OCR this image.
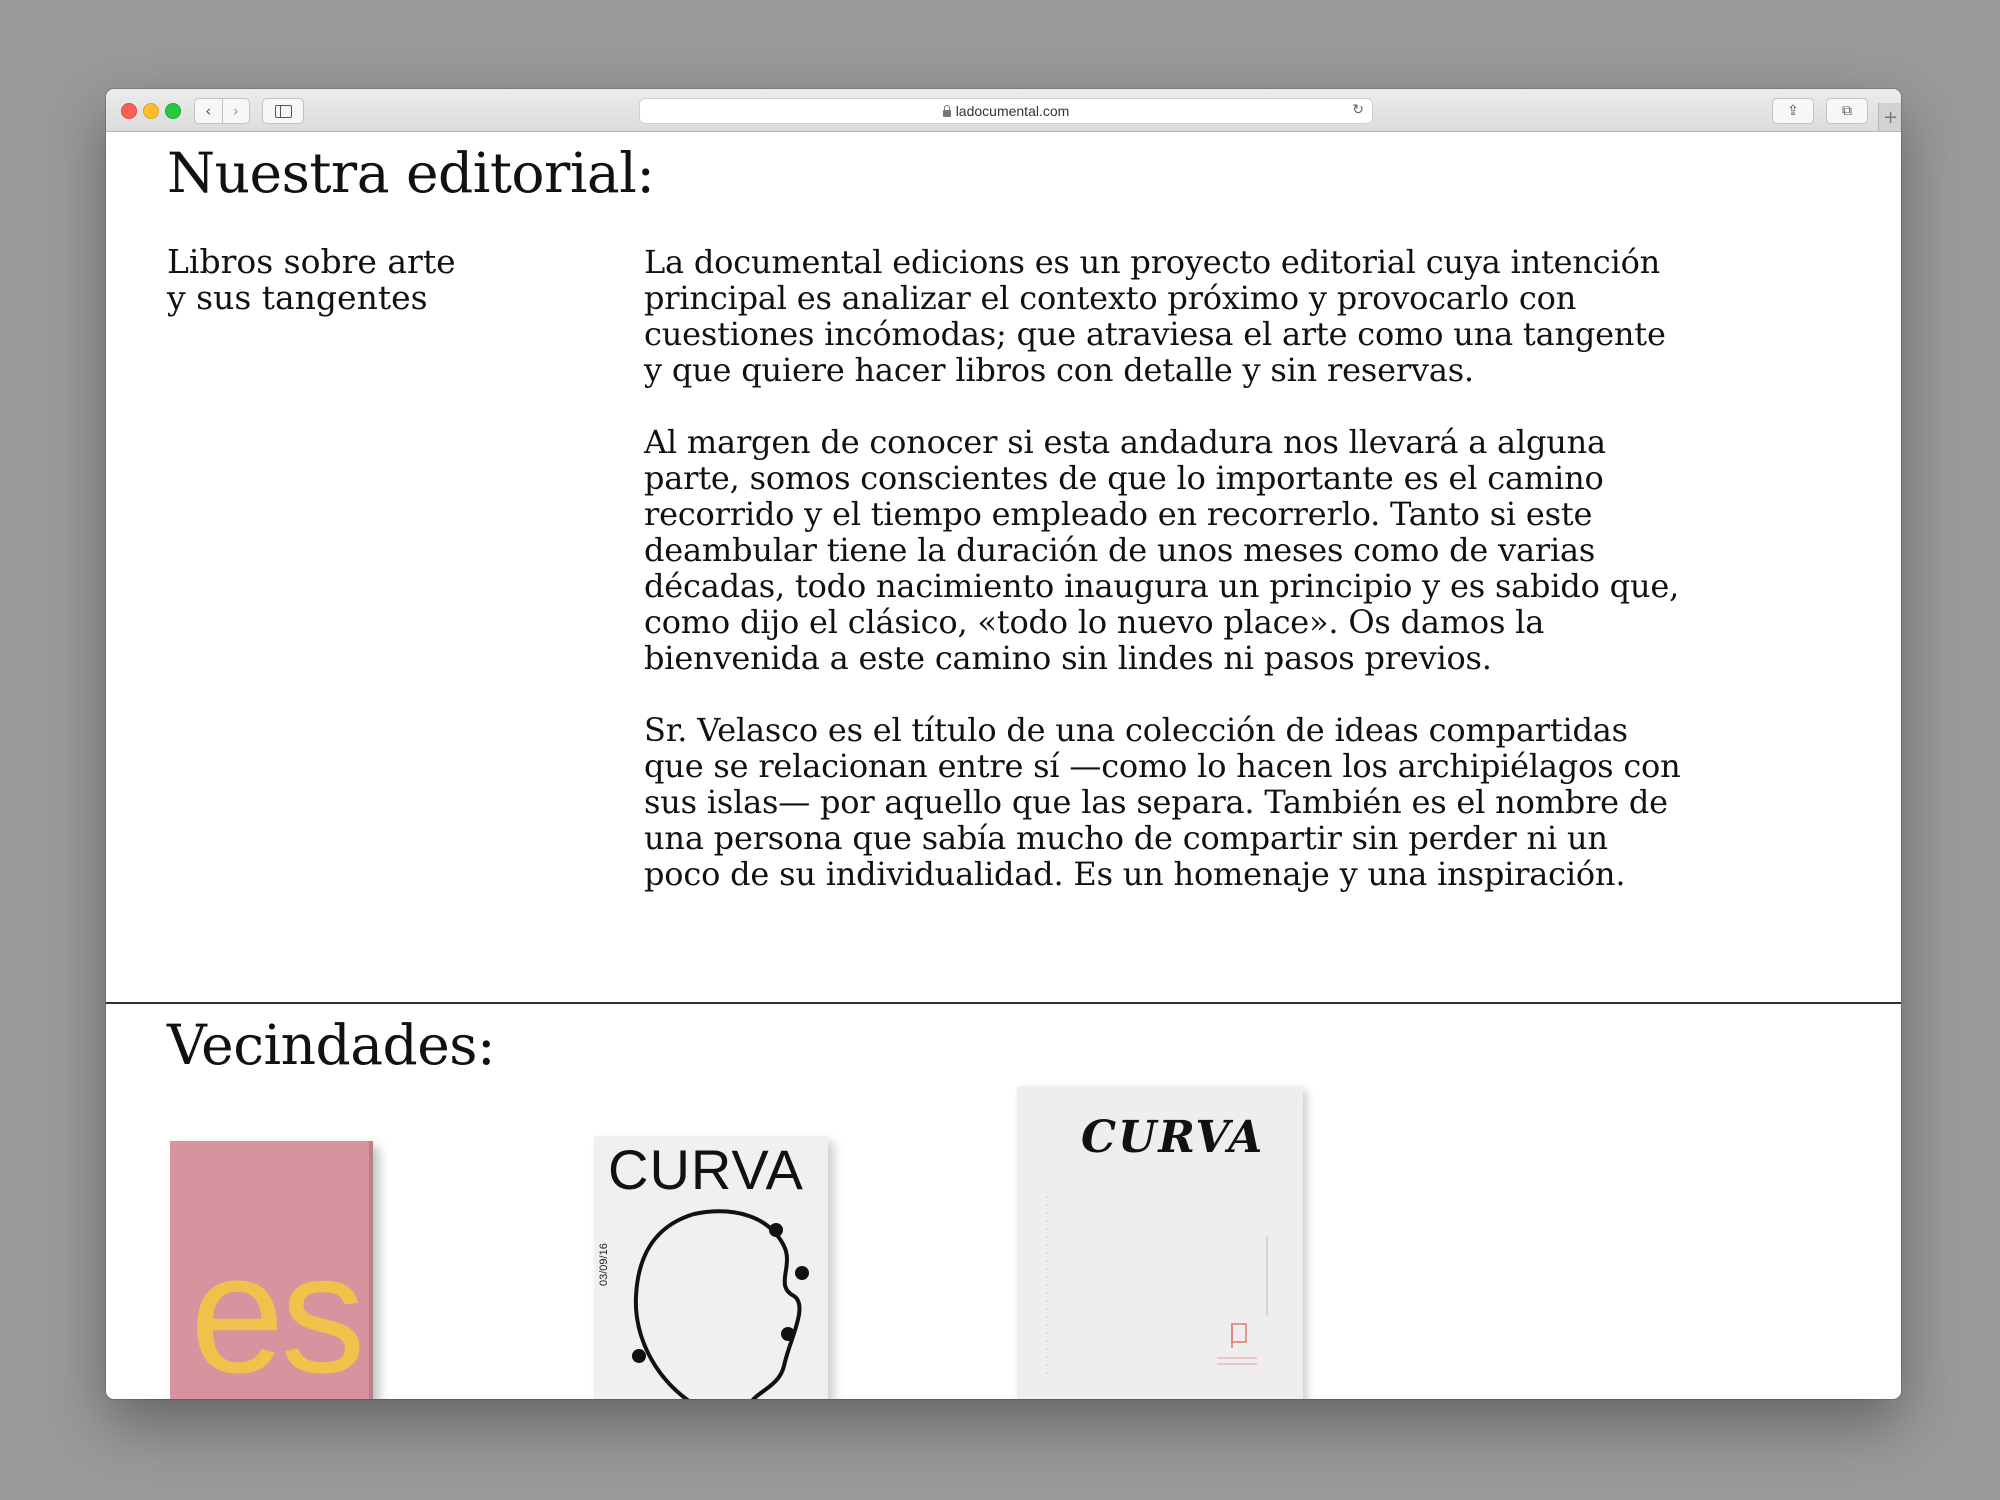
‹	›	ladocumental.com	↻	⇪	⧉	+
Nuestra editorial:
Libros sobre arte
y sus tangentes

La documental edicions es un proyecto editorial cuya intención principal es analizar el contexto próximo y provocarlo con cuestiones incómodas; que atraviesa el arte como una tangente y que quiere hacer libros con detalle y sin reservas.

Al margen de conocer si esta andadura nos llevará a alguna parte, somos conscientes de que lo importante es el camino recorrido y el tiempo empleado en recorrerlo. Tanto si este deambular tiene la duración de unos meses como de varias décadas, todo nacimiento inaugura un principio y es sabido que, como dijo el clásico, «todo lo nuevo place». Os damos la bienvenida a este camino sin lindes ni pasos previos.

Sr. Velasco es el título de una colección de ideas compartidas que se relacionan entre sí —como lo hacen los archipiélagos con sus islas— por aquello que las separa. También es el nombre de una persona que sabía mucho de compartir sin perder ni un poco de su individualidad. Es un homenaje y una inspiración.

Vecindades:
es
CURVA
03/09/16
CURVA
